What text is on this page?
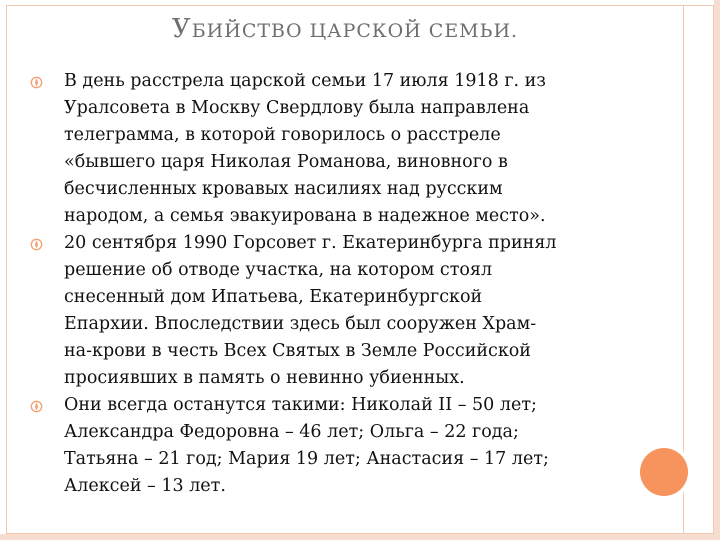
УБИЙСТВО ЦАРСКОЙ СЕМЬИ.
В день расстрела царской семьи 17 июля 1918 г. из
Уралсовета в Москву Свердлову была направлена
телеграмма, в которой говорилось о расстреле
«бывшего царя Николая Романова, виновного в
бесчисленных кровавых насилиях над русским
народом, а семья эвакуирована в надежное место».
20 сентября 1990 Горсовет г. Екатеринбурга принял
решение об отводе участка, на котором стоял
снесенный дом Ипатьева, Екатеринбургской
Епархии. Впоследствии здесь был сооружен Храм-
на-крови в честь Всех Святых в Земле Российской
просиявших в память о невинно убиенных.
Они всегда останутся такими: Николай II – 50 лет;
Александра Федоровна – 46 лет; Ольга – 22 года;
Татьяна – 21 год; Мария 19 лет; Анастасия – 17 лет;
Алексей – 13 лет.
